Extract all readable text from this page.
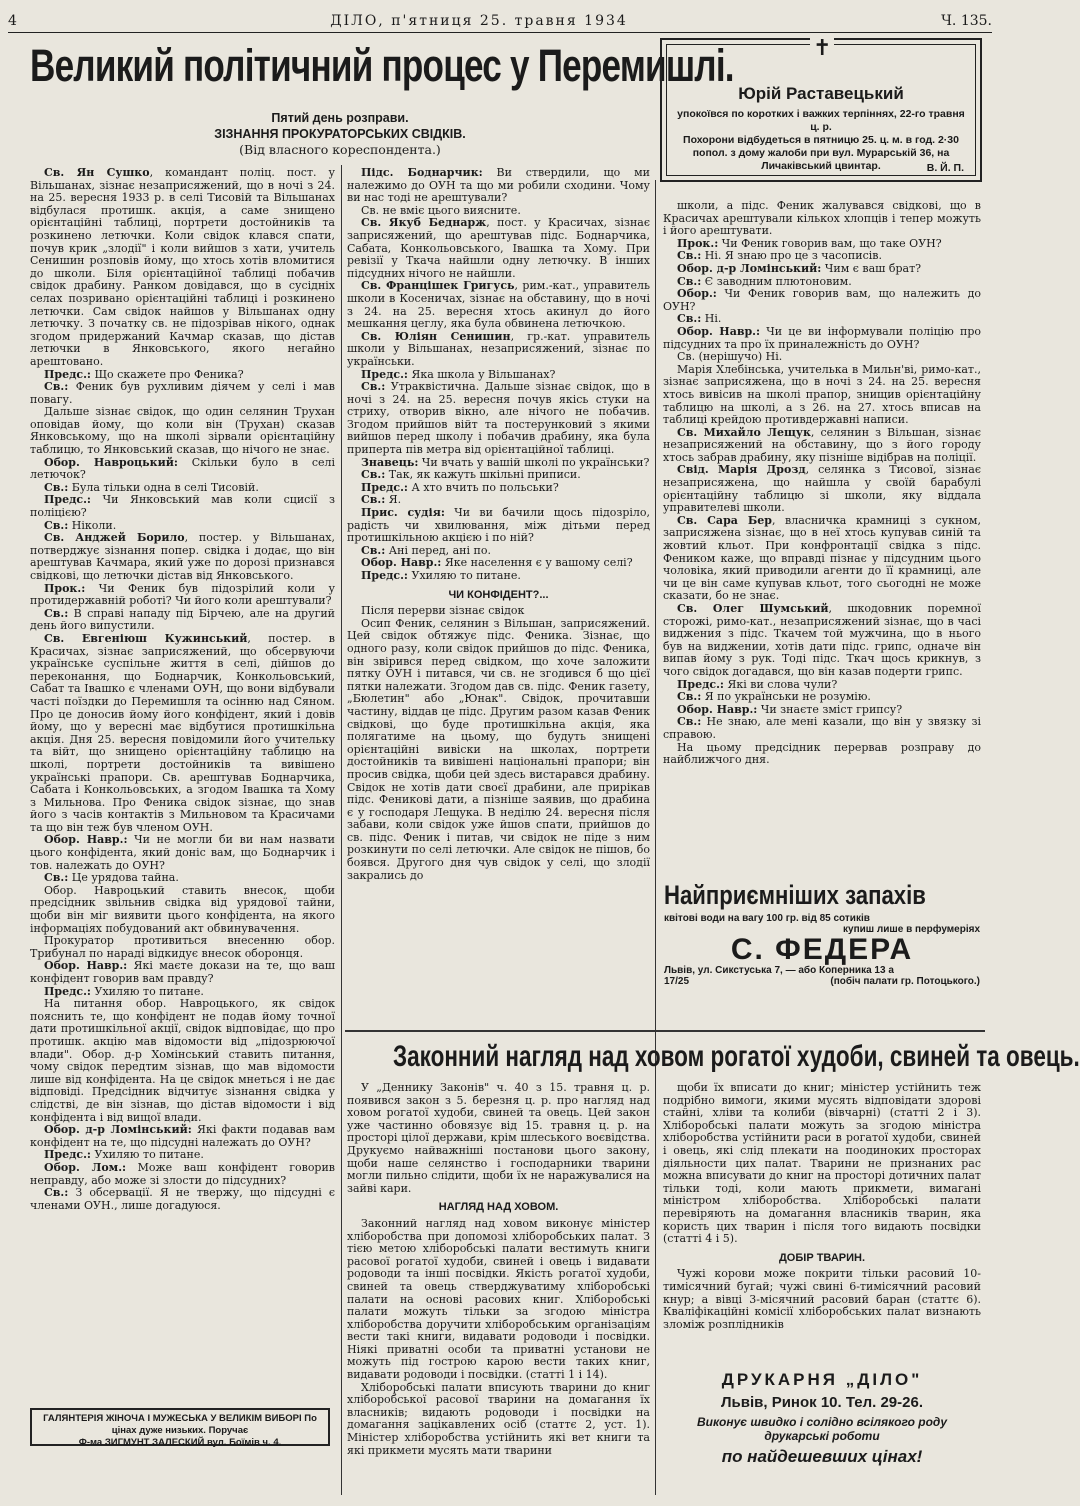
4	ДІЛО, п'ятниця 25. травня 1934	Ч. 135.
Великий політичний процес у Перемишлі.
Пятий день розправи.
ЗІЗНАННЯ ПРОКУРАТОРСЬКИХ СВІДКІВ.
(Від власного кореспондента.)
✝
Юрій Раставецький
упокоївся по коротких і важких терпіннях, 22-го травня ц. р.
Похорони відбудеться в пятницю 25. ц. м. в год. 2·30 попол. з дому жалоби при вул. Мурарській 36, на Личаківський цвинтар.	В. Й. П.

Св. Ян Сушко, командант поліц. пост. у Вільшанах, зізнає незаприсяжений, що в ночі з 24. на 25. вересня 1933 р. в селі Тисовій та Вільшанах відбулася протишк. акція, а саме знищено орієнтаційні таблиці, портрети достойників та розкинено летючки. Коли свідок клався спати, почув крик „злодії" і коли вийшов з хати, учитель Сенишин розповів йому, що хтось хотів вломитися до школи. Біля орієнтаційної таблиці побачив свідок драбину. Ранком довідався, що в сусідніх селах позривано орієнтаційні таблиці і розкинено летючки. Сам свідок найшов у Вільшанах одну летючку. З початку св. не підозрівав нікого, однак згодом придержаний Качмар сказав, що дістав летючки в Янковського, якого негайно арештовано.

Предс.: Що скажете про Феника?

Св.: Феник був рухливим діячем у селі і мав повагу.

Дальше зізнає свідок, що один селянин Трухан оповідав йому, що коли він (Трухан) сказав Янковському, що на школі зірвали орієнтаційну таблицю, то Янковський сказав, що нічого не знає.

Обор. Навроцький: Скільки було в селі летючок?

Св.: Була тільки одна в селі Тисовій.

Предс.: Чи Янковський мав коли сцисії з поліцією?

Св.: Ніколи.

Св. Анджей Борило, постер. у Вільшанах, потверджує зізнання попер. свідка і додає, що він арештував Качмара, який уже по дорозі признався свідкові, що летючки дістав від Янковського.

Прок.: Чи Феник був підозрілий коли у протидержавній роботі? Чи його коли арештували?

Св.: В справі нападу під Бірчею, але на другий день його випустили.

Св. Евгеніюш Кужинський, постер. в Красичах, зізнає заприсяжений, що обсервуючи українське суспільне життя в селі, дійшов до переконання, що Боднарчик, Конкольовський, Сабат та Івашко є членами ОУН, що вони відбували часті поїздки до Перемишля та осінню над Сяном. Про це доносив йому його конфідент, який і довів йому, що у вересні має відбутися протишкільна акція. Дня 25. вересня повідомили його учительку та війт, що знищено орієнтаційну таблицю на школі, портрети достойників та вивішено українські прапори. Св. арештував Боднарчика, Сабата і Конкольовських, а згодом Івашка та Хому з Мильнова. Про Феника свідок зізнає, що знав його з часів контактів з Мильновом та Красичами та що він теж був членом ОУН.

Обор. Навр.: Чи не могли би ви нам назвати цього конфідента, який доніс вам, що Боднарчик і тов. належать до ОУН?

Св.: Це урядова тайна.

Обор. Навроцький ставить внесок, щоби предсідник звільнив свідка від урядової тайни, щоби він міг виявити цього конфідента, на якого інформаціях побудований акт обвинувачення.

Прокуратор противиться внесенню обор. Трибунал по нараді відкидує внесок оборонця.

Обор. Навр.: Які маєте докази на те, що ваш конфідент говорив вам правду?

Предс.: Ухиляю то питане.

На питання обор. Навроцького, як свідок пояснить те, що конфідент не подав йому точної дати протишкільної акції, свідок відповідає, що про протишк. акцію мав відомости від „підозрюючої влади". Обор. д-р Хомінський ставить питання, чому свідок передтим зізнав, що мав відомости лише від конфідента. На це свідок мнеться і не дає відповіді. Предсідник відчитує зізнання свідка у слідстві, де він зізнав, що дістав відомости і від конфідента і від вищої влади.

Обор. д-р Ломінський: Які факти подавав вам конфідент на те, що підсудні належать до ОУН?

Предс.: Ухиляю то питане.

Обор. Лом.: Може ваш конфідент говорив неправду, або може зі злости до підсудних?

Св.: З обсервації. Я не твержу, що підсудні є членами ОУН., лише догадуюся.

Підс. Боднарчик: Ви ствердили, що ми належимо до ОУН та що ми робили сходини. Чому ви нас тоді не арештували?

Св. не вміє цього виясните.

Св. Якуб Беднарж, пост. у Красичах, зізнає заприсяжений, що арештував підс. Боднарчика, Сабата, Конкольовського, Івашка та Хому. При ревізії у Ткача найшли одну летючку. В інших підсудних нічого не найшли.

Св. Францішек Григусь, рим.-кат., управитель школи в Косеничах, зізнає на обставину, що в ночі з 24. на 25. вересня хтось акинул до його мешкання цеглу, яка була обвинена летючкою.

Св. Юліян Сенишин, гр.-кат. управитель школи у Вільшанах, незаприсяжений, зізнає по українськи.

Предс.: Яка школа у Вільшанах?

Св.: Утраквістична. Дальше зізнає свідок, що в ночі з 24. на 25. вересня почув якісь стуки на стриху, отворив вікно, але нічого не побачив. Згодом прийшов війт та постерунковий з якими вийшов перед школу і побачив драбину, яка була приперта пів метра від орієнтаційної таблиці.

Знавець: Чи вчать у вашій школі по українськи?

Св.: Так, як кажуть шкільні приписи.

Предс.: А хто вчить по польськи?

Св.: Я.

Прис. судія: Чи ви бачили щось підозріло, радість чи хвилювання, між дітьми перед протишкільною акцією і по ній?

Св.: Ані перед, ані по.

Обор. Навр.: Яке населення є у вашому селі?

Предс.: Ухиляю то питане.

ЧИ КОНФІДЕНТ?...

Після перерви зізнає свідок

Осип Феник, селянин з Вільшан, заприсяжений. Цей свідок обтяжує підс. Феника. Зізнає, що одного разу, коли свідок прийшов до підс. Феника, він звірився перед свідком, що хоче заложити пятку ОУН і питався, чи св. не згодився б що цієї пятки належати. Згодом дав св. підс. Феник газету, „Бюлетин" або „Юнак". Свідок, прочитавши частину, віддав це підс. Другим разом казав Феник свідкові, що буде протишкільна акція, яка полягатиме на цьому, що будуть знищені орієнтаційні вивіски на школах, портрети достойників та вивішені національні прапори; він просив свідка, щоби цей здесь вистарався драбину. Свідок не хотів дати своєї драбини, але прирікав підс. Феникові дати, а пізніше заявив, що драбина є у господаря Лещука. В неділю 24. вересня після забави, коли свідок уже йшов спати, прийшов до св. підс. Феник і питав, чи свідок не піде з ним розкинути по селі летючки. Але свідок не пішов, бо боявся. Другого дня чув свідок у селі, що злодії закрались до

школи, а підс. Феник жалувався свідкові, що в Красичах арештували кількох хлопців і тепер можуть і його арештувати.

Прок.: Чи Феник говорив вам, що таке ОУН?

Св.: Ні. Я знаю про це з часописів.

Обор. д-р Ломінський: Чим є ваш брат?

Св.: Є заводним плютоновим.

Обор.: Чи Феник говорив вам, що належить до ОУН?

Св.: Ні.

Обор. Навр.: Чи це ви інформували поліцію про підсудних та про їх приналежність до ОУН?

Св. (нерішучо) Ні.

Марія Хлебінська, учителька в Мильн'ві, римо-кат., зізнає заприсяжена, що в ночі з 24. на 25. вересня хтось вивісив на школі прапор, знищив орієнтаційну таблицю на школі, а з 26. на 27. хтось вписав на таблиці крейдою противдержавні написи.

Св. Михайло Лещук, селянин з Вільшан, зізнає незаприсяжений на обставину, що з його городу хтось забрав драбину, яку пізніше відібрав на поліції.

Свід. Марія Дрозд, селянка з Тисової, зізнає незаприсяжена, що найшла у своїй барабулі орієнтаційну таблицю зі школи, яку віддала управителеві школи.

Св. Сара Бер, власничка крамниці з сукном, заприсяжена зізнає, що в неї хтось купував синій та жовтий кльот. При конфронтації свідка з підс. Феником каже, що вправді пізнає у підсудним цього чоловіка, який приводили агенти до її крамниці, але чи це він саме купував кльот, того сьогодні не може сказати, бо не знає.

Св. Олег Шумський, шкодовник поремної сторожі, римо-кат., незаприсяжений зізнає, що в часі виджения з підс. Ткачем той мужчина, що в нього був на виджении, хотів дати підс. грипс, одначе він випав йому з рук. Тоді підс. Ткач щось крикнув, з чого свідок догадався, що він казав подерти грипс.

Предс.: Які ви слова чули?

Св.: Я по українськи не розумію.

Обор. Навр.: Чи знаєте зміст грипсу?

Св.: Не знаю, але мені казали, що він у звязку зі справою.

На цьому предсідник перервав розправу до найближчого дня.

ГАЛЯНТЕРІЯ ЖІНОЧА І МУЖЕСЬКА У ВЕЛИКІМ ВИБОРІ По цінах дуже низьких. Поручає
Ф-ма ЗИГМУНТ ЗАЛЕСКИЙ вул. Боїмів ч. 4.
Найприємніших запахів
квітові води на вагу 100 гр. від 85 сотиків
купиш лише в перфумеріях
С. ФЕДЕРА
Львів, ул. Сикстуська 7, — або Коперника 13 а
17/25	(побіч палати гр. Потоцького.)
Законний нагляд над ховом рогатої худоби, свиней та овець.

У „Деннику Законів" ч. 40 з 15. травня ц. р. появився закон з 5. березня ц. р. про нагляд над ховом рогатої худоби, свиней та овець. Цей закон уже частинно обовязує від 15. травня ц. р. на просторі цілої держави, крім шлеського воєвідства. Друкуємо найважніші постанови цього закону, щоби наше селянство і господарники тварини могли пильно слідити, щоби їх не наражувалися на зайві кари.

НАГЛЯД НАД ХОВОМ.

Законний нагляд над ховом виконує міністер хліборобства при допомозі хліборобських палат. З тією метою хліборобські палати вестимуть книги расової рогатої худоби, свиней і овець і видавати родоводи та інші посвідки. Якість рогатої худоби, свиней та овець стверджуватиму хліборобські палати на основі расових книг. Хліборобські палати можуть тільки за згодою міністра хліборобства доручити хліборобським організаціям вести такі книги, видавати родоводи і посвідки. Ніякі приватні особи та приватні установи не можуть під гострою карою вести таких книг, видавати родоводи і посвідки. (статті 1 і 14).

Хліборобські палати вписують тварини до книг хліборобської расової тварини на домагання їх власників; видають родоводи і посвідки на домагання зацікавлених осіб (статтє 2, уст. 1). Міністер хліборобства устійнить які вет книги та які прикмети мусять мати тварини

щоби їх вписати до книг; міністер устійнить теж подрібно вимоги, якими мусять відповідати здорові стайні, хліви та колиби (вівчарні) (статті 2 і 3). Хліборобські палати можуть за згодою міністра хліборобства устійнити раси в рогатої худоби, свиней і овець, які слід плекати на поодиноких просторах діяльности цих палат. Тварини не признаних рас можна вписувати до книг на просторі дотичних палат тільки тоді, коли мають прикмети, вимагані міністром хліборобства. Хліборобські палати перевіряють на домагання власників тварин, яка користь цих тварин і після того видають посвідки (статті 4 і 5).

ДОБІР ТВАРИН.

Чужі корови може покрити тільки расовий 10-тимісячний бугай; чужі свині 6-тимісячний расовий кнур; а вівці 3-місячний расовий баран (статтє 6). Кваліфікаційні комісії хліборобських палат визнають зломіж розплідників

ДРУКАРНЯ „ДІЛО"
Львів, Ринок 10. Тел. 29-26.
Виконує швидко і солідно всілякого роду друкарські роботи
по найдешевших цінах!
